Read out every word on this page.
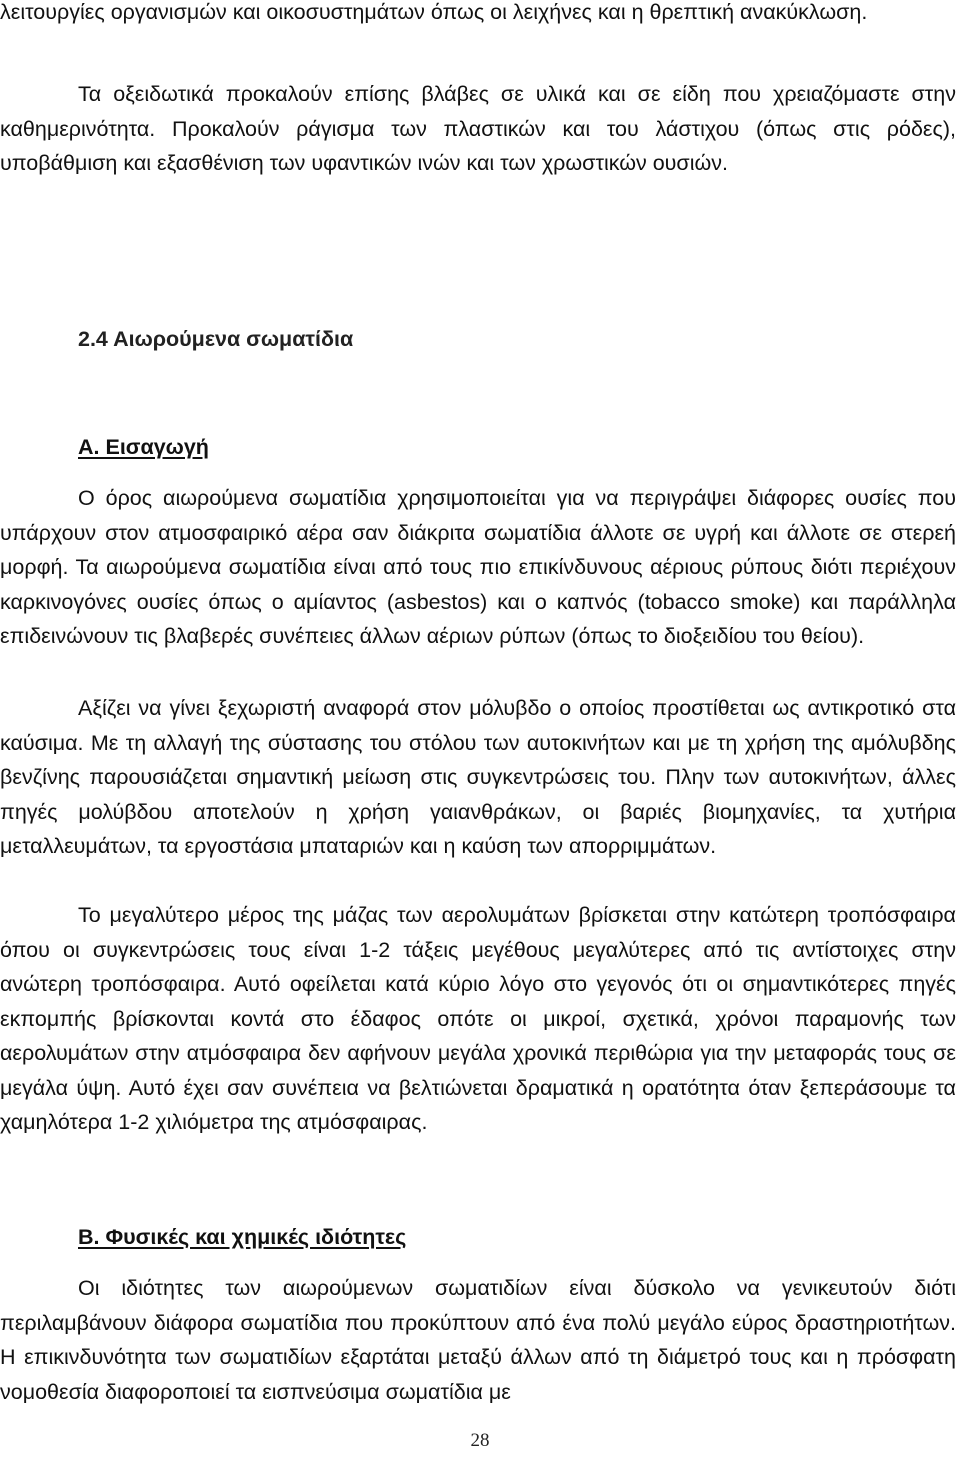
λειτουργίες οργανισμών και οικοσυστημάτων όπως οι λειχήνες και η θρεπτική ανακύκλωση.

Τα οξειδωτικά προκαλούν επίσης βλάβες σε υλικά και σε είδη που χρειαζόμαστε στην καθημερινότητα. Προκαλούν ράγισμα των πλαστικών και του λάστιχου (όπως στις ρόδες), υποβάθμιση και εξασθένιση των υφαντικών ινών και των χρωστικών ουσιών.

2.4 Αιωρούμενα σωματίδια
Α. Εισαγωγή

Ο όρος αιωρούμενα σωματίδια χρησιμοποιείται για να περιγράψει διάφορες ουσίες που υπάρχουν στον ατμοσφαιρικό αέρα σαν διάκριτα σωματίδια άλλοτε σε υγρή και άλλοτε σε στερεή μορφή. Τα αιωρούμενα σωματίδια είναι από τους πιο επικίνδυνους αέριους ρύπους διότι περιέχουν καρκινογόνες ουσίες όπως ο αμίαντος (asbestos) και ο καπνός (tobacco smoke) και παράλληλα επιδεινώνουν τις βλαβερές συνέπειες άλλων αέριων ρύπων (όπως το διοξειδίου του θείου).

Αξίζει να γίνει ξεχωριστή αναφορά στον μόλυβδο ο οποίος προστίθεται ως αντικροτικό στα καύσιμα. Με τη αλλαγή της σύστασης του στόλου των αυτοκινήτων και με τη χρήση της αμόλυβδης βενζίνης παρουσιάζεται σημαντική μείωση στις συγκεντρώσεις του. Πλην των αυτοκινήτων, άλλες πηγές μολύβδου αποτελούν η χρήση γαιανθράκων, οι βαριές βιομηχανίες, τα χυτήρια μεταλλευμάτων, τα εργοστάσια μπαταριών και η καύση των απορριμμάτων.

Το μεγαλύτερο μέρος της μάζας των αερολυμάτων βρίσκεται στην κατώτερη τροπόσφαιρα όπου οι συγκεντρώσεις τους είναι 1-2 τάξεις μεγέθους μεγαλύτερες από τις αντίστοιχες στην ανώτερη τροπόσφαιρα. Αυτό οφείλεται κατά κύριο λόγο στο γεγονός ότι οι σημαντικότερες πηγές εκπομπής βρίσκονται κοντά στο έδαφος οπότε οι μικροί, σχετικά, χρόνοι παραμονής των αερολυμάτων στην ατμόσφαιρα δεν αφήνουν μεγάλα χρονικά περιθώρια για την μεταφοράς τους σε μεγάλα ύψη. Αυτό έχει σαν συνέπεια να βελτιώνεται δραματικά η ορατότητα όταν ξεπεράσουμε τα χαμηλότερα 1-2 χιλιόμετρα της ατμόσφαιρας.

Β. Φυσικές και χημικές ιδιότητες

Οι ιδιότητες των αιωρούμενων σωματιδίων είναι δύσκολο να γενικευτούν διότι περιλαμβάνουν διάφορα σωματίδια που προκύπτουν από ένα πολύ μεγάλο εύρος δραστηριοτήτων. Η επικινδυνότητα των σωματιδίων εξαρτάται μεταξύ άλλων από τη διάμετρό τους και η πρόσφατη νομοθεσία διαφοροποιεί τα εισπνεύσιμα σωματίδια με

28
